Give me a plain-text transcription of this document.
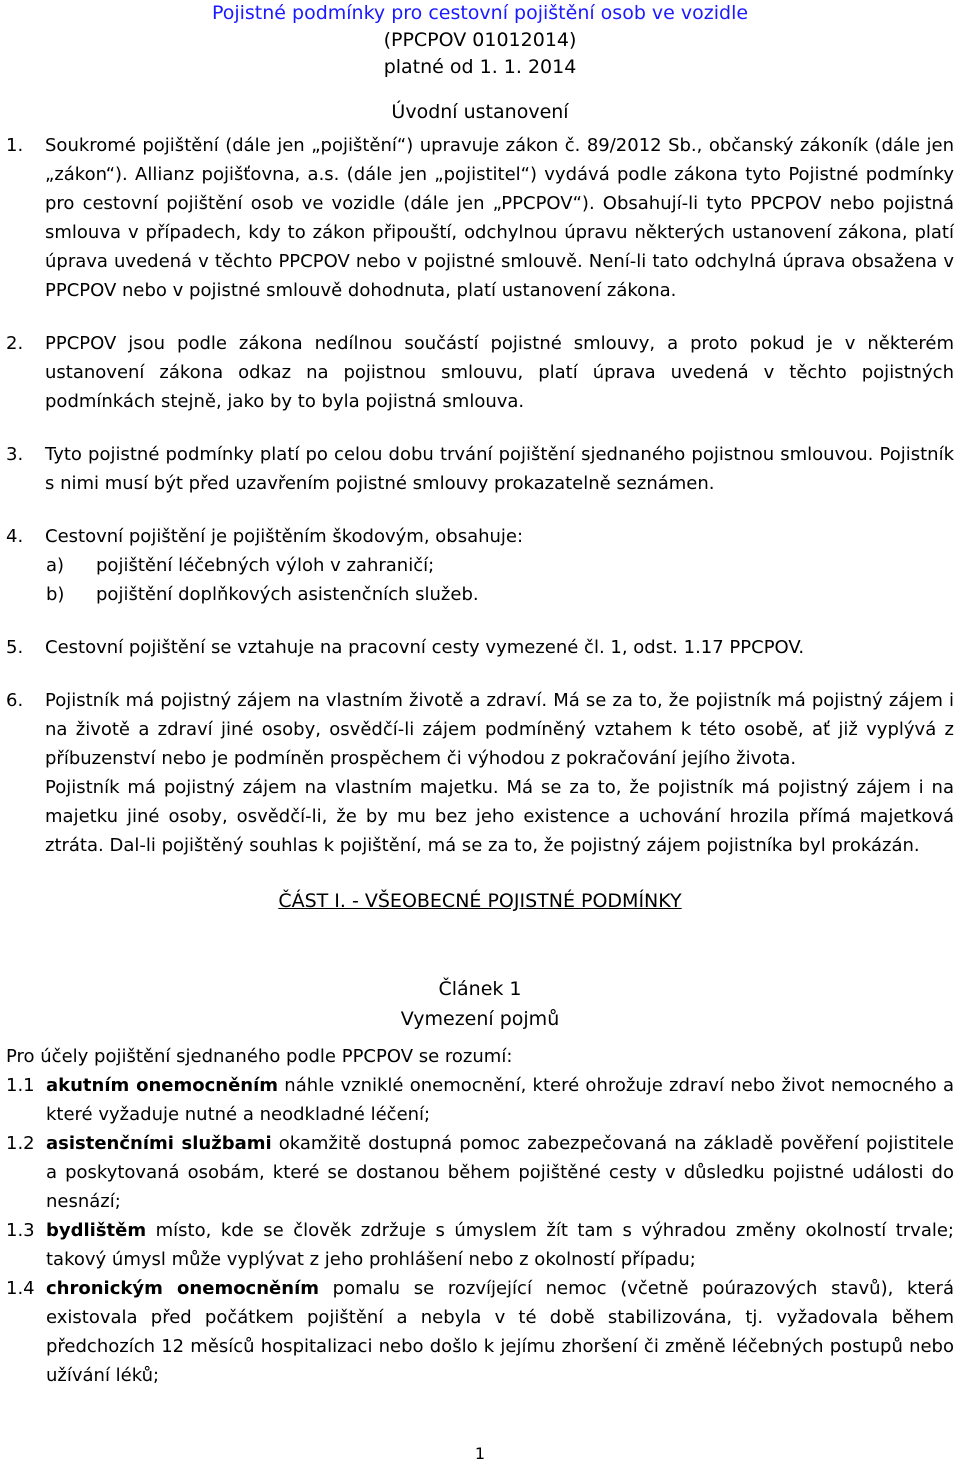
Pojistné podmínky pro cestovní pojištění osob ve vozidle
(PPCPOV 01012014)
platné od 1. 1. 2014
Úvodní ustanovení
1. Soukromé pojištění (dále jen „pojištění“) upravuje zákon č. 89/2012 Sb., občanský zákoník (dále jen „zákon“). Allianz pojišťovna, a.s. (dále jen „pojistitel“) vydává podle zákona tyto Pojistné podmínky pro cestovní pojištění osob ve vozidle (dále jen „PPCPOV“). Obsahují-li tyto PPCPOV nebo pojistná smlouva v případech, kdy to zákon připouští, odchylnou úpravu některých ustanovení zákona, platí úprava uvedená v těchto PPCPOV nebo v pojistné smlouvě. Není-li tato odchylná úprava obsažena v PPCPOV nebo v pojistné smlouvě dohodnuta, platí ustanovení zákona.
2. PPCPOV jsou podle zákona nedílnou součástí pojistné smlouvy, a proto pokud je v některém ustanovení zákona odkaz na pojistnou smlouvu, platí úprava uvedená v těchto pojistných podmínkách stejně, jako by to byla pojistná smlouva.
3. Tyto pojistné podmínky platí po celou dobu trvání pojištění sjednaného pojistnou smlouvou. Pojistník s nimi musí být před uzavřením pojistné smlouvy prokazatelně seznámen.
4. Cestovní pojištění je pojištěním škodovým, obsahuje:
a) pojištění léčebných výloh v zahraničí;
b) pojištění doplňkových asistenčních služeb.
5. Cestovní pojištění se vztahuje na pracovní cesty vymezené čl. 1, odst. 1.17 PPCPOV.
6. Pojistník má pojistný zájem na vlastním životě a zdraví. Má se za to, že pojistník má pojistný zájem i na životě a zdraví jiné osoby, osvědčí-li zájem podmíněný vztahem k této osobě, ať již vyplývá z příbuzenství nebo je podmíněn prospěchem či výhodou z pokračování jejího života.
Pojistník má pojistný zájem na vlastním majetku. Má se za to, že pojistník má pojistný zájem i na majetku jiné osoby, osvědčí-li, že by mu bez jeho existence a uchování hrozila přímá majetková ztráta. Dal-li pojištěný souhlas k pojištění, má se za to, že pojistný zájem pojistníka byl prokázán.
ČÁST I. - VŠEOBECNÉ POJISTNÉ PODMÍNKY
Článek 1
Vymezení pojmů
Pro účely pojištění sjednaného podle PPCPOV se rozumí:
1.1 akutním onemocněním náhle vzniklé onemocnění, které ohrožuje zdraví nebo život nemocného a které vyžaduje nutné a neodkladné léčení;
1.2 asistenčními službami okamžitě dostupná pomoc zabezpečovaná na základě pověření pojistitele a poskytovaná osobám, které se dostanou během pojištěné cesty v důsledku pojistné události do nesnází;
1.3 bydlištěm místo, kde se člověk zdržuje s úmyslem žít tam s výhradou změny okolností trvale; takový úmysl může vyplývat z jeho prohlášení nebo z okolností případu;
1.4 chronickým onemocněním pomalu se rozvíjející nemoc (včetně poúrazových stavů), která existovala před počátkem pojištění a nebyla v té době stabilizována, tj. vyžadovala během předchozích 12 měsíců hospitalizaci nebo došlo k jejímu zhoršení či změně léčebných postupů nebo užívání léků;
1
